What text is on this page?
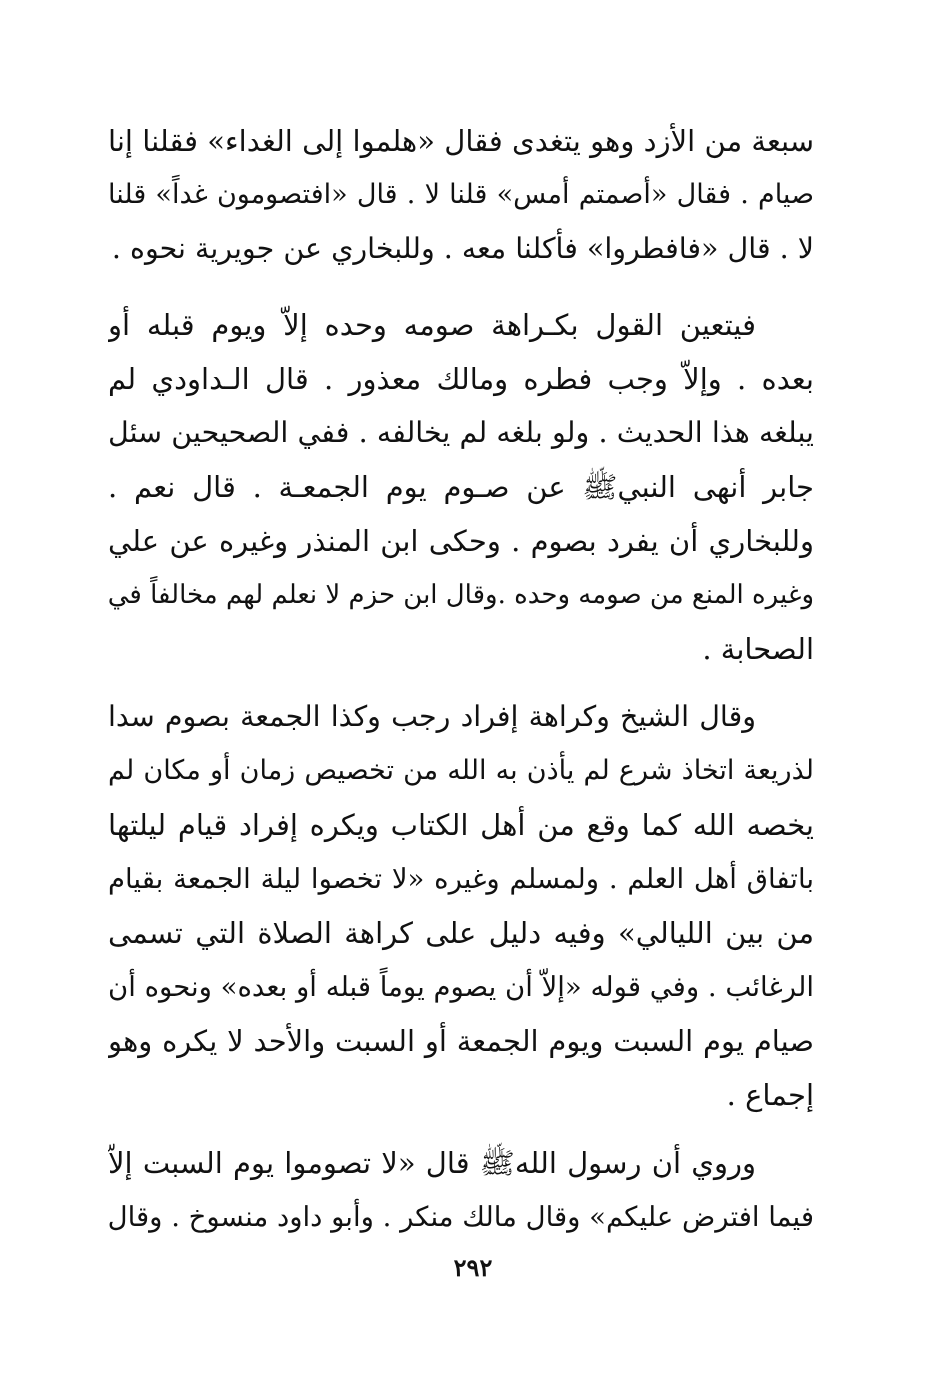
سبعة من الأزد وهو يتغدى فقال «هلموا إلى الغداء» فقلنا إنا
صيام . فقال «أصمتم أمس» قلنا لا . قال «افتصومون غداً» قلنا
لا . قال «فافطروا» فأكلنا معه . وللبخاري عن جويرية نحوه .
فيتعين القول بكـراهة صومه وحده إلاّ ويوم قبله أو
بعده . وإلاّ وجب فطره ومالك معذور . قال الـداودي لم
يبلغه هذا الحديث . ولو بلغه لم يخالفه . ففي الصحيحين سئل
جابر أنهى النبيﷺ عن صـوم يوم الجمعـة . قال نعم .
وللبخاري أن يفرد بصوم . وحكى ابن المنذر وغيره عن علي
وغيره المنع من صومه وحده .وقال ابن حزم لا نعلم لهم مخالفاً في
الصحابة .
وقال الشيخ وكراهة إفراد رجب وكذا الجمعة بصوم سدا
لذريعة اتخاذ شرع لم يأذن به الله من تخصيص زمان أو مكان لم
يخصه الله كما وقع من أهل الكتاب ويكره إفراد قيام ليلتها
باتفاق أهل العلم . ولمسلم وغيره «لا تخصوا ليلة الجمعة بقيام
من بين الليالي» وفيه دليل على كراهة الصلاة التي تسمى
الرغائب . وفي قوله «إلاّ أن يصوم يوماً قبله أو بعده» ونحوه أن
صيام يوم السبت ويوم الجمعة أو السبت والأحد لا يكره وهو
إجماع .
وروي أن رسول اللهﷺ قال «لا تصوموا يوم السبت إلاّ
فيما افترض عليكم» وقال مالك منكر . وأبو داود منسوخ . وقال
٢٩٢
